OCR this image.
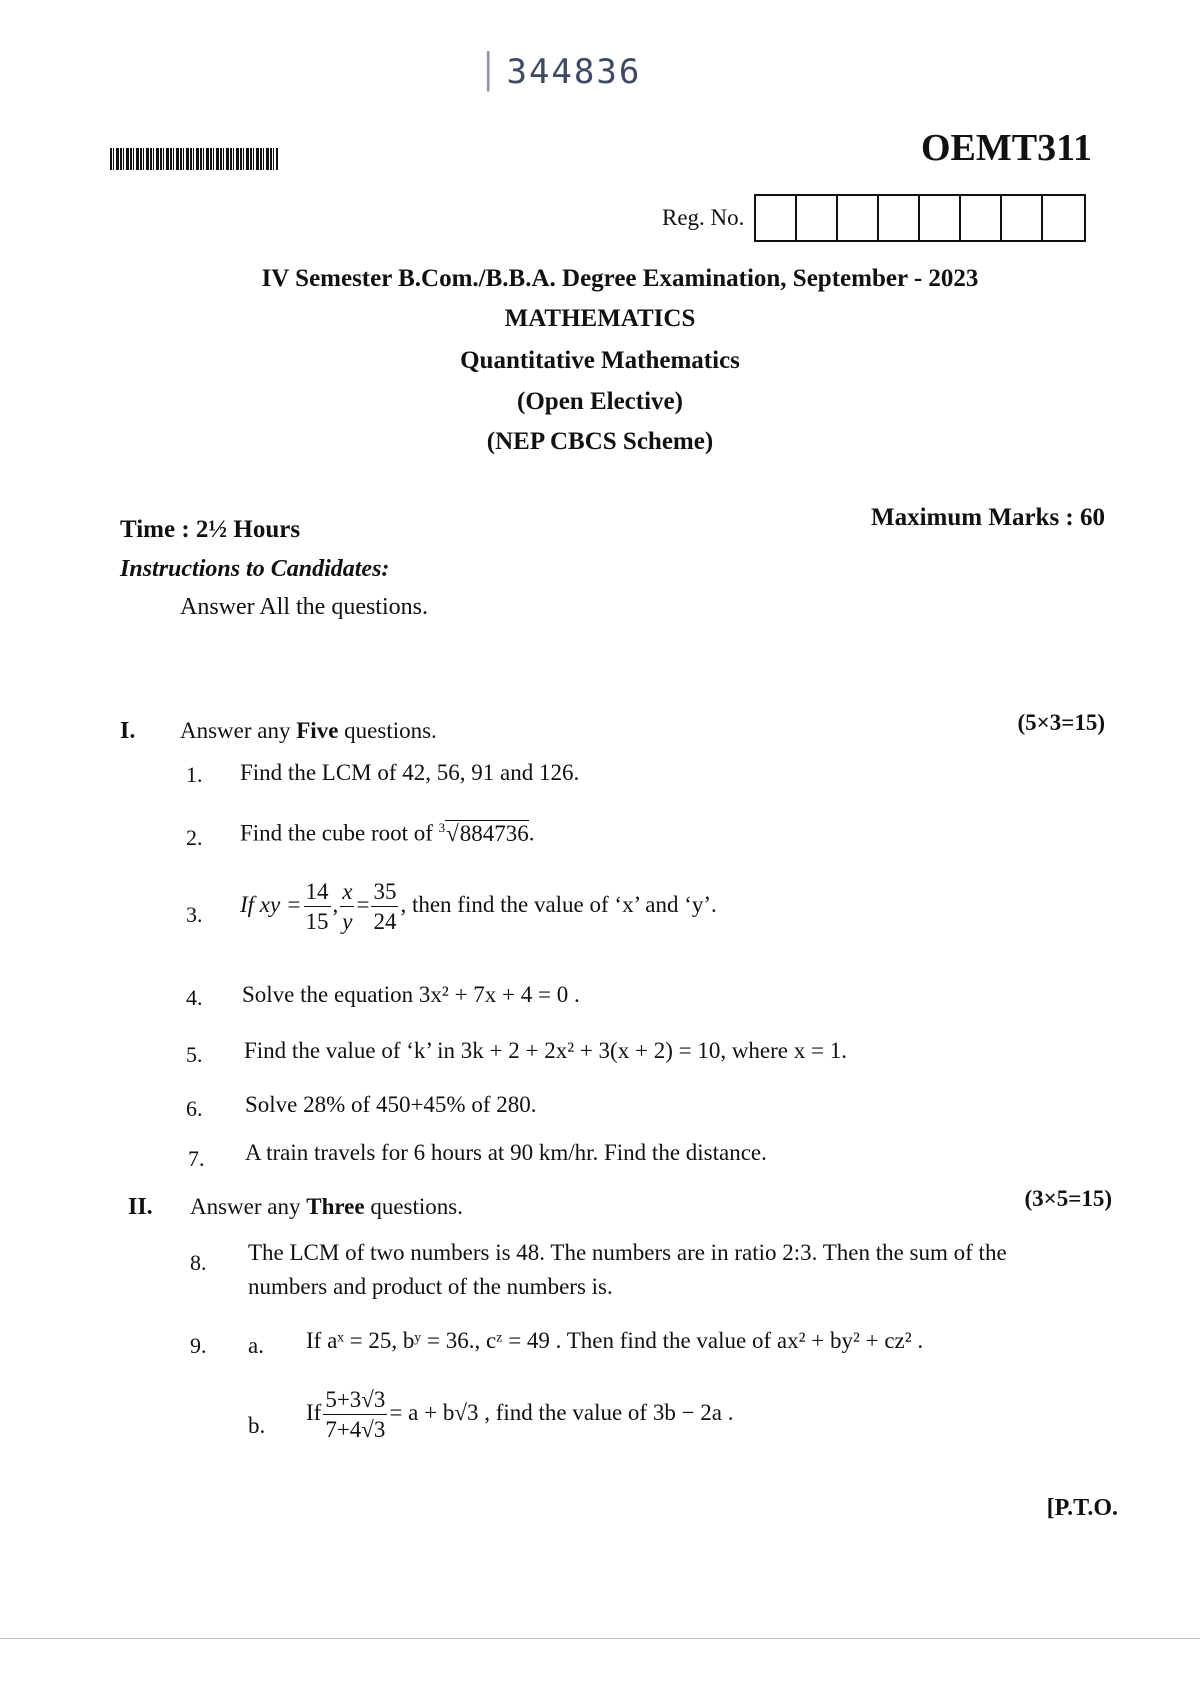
│ 344836
OEMT311
Reg. No.
IV Semester B.Com./B.B.A. Degree Examination, September - 2023
MATHEMATICS
Quantitative Mathematics
(Open Elective)
(NEP CBCS Scheme)
Time : 2½ Hours	Maximum Marks : 60
Instructions to Candidates:
Answer All the questions.
I. Answer any Five questions.	(5×3=15)
1.	Find the LCM of 42, 56, 91 and 126.
2.	Find the cube root of $^3$√884736.
3.	If xy = $\frac{14}{15}$ , $\frac{x}{y} = \frac{35}{24}$ , then find the value of ‘x’ and ‘y’.
4.	Solve the equation 3x² + 7x + 4 = 0 .
5.	Find the value of ‘k’ in 3k + 2 + 2x² + 3(x + 2) = 10, where x = 1.
6.	Solve 28% of 450+45% of 280.
7.	A train travels for 6 hours at 90 km/hr. Find the distance.
II. Answer any Three questions.	(3×5=15)
8.	The LCM of two numbers is 48. The numbers are in ratio 2:3. Then the sum of the
numbers and product of the numbers is.
9.	a. If aˣ = 25, bʸ = 36., cᶻ = 49 . Then find the value of ax² + by² + cz² .
b.
If $\frac{5+3√3}{7+4√3} = a + b√3$ , find the value of 3b − 2a .
[P.T.O.
